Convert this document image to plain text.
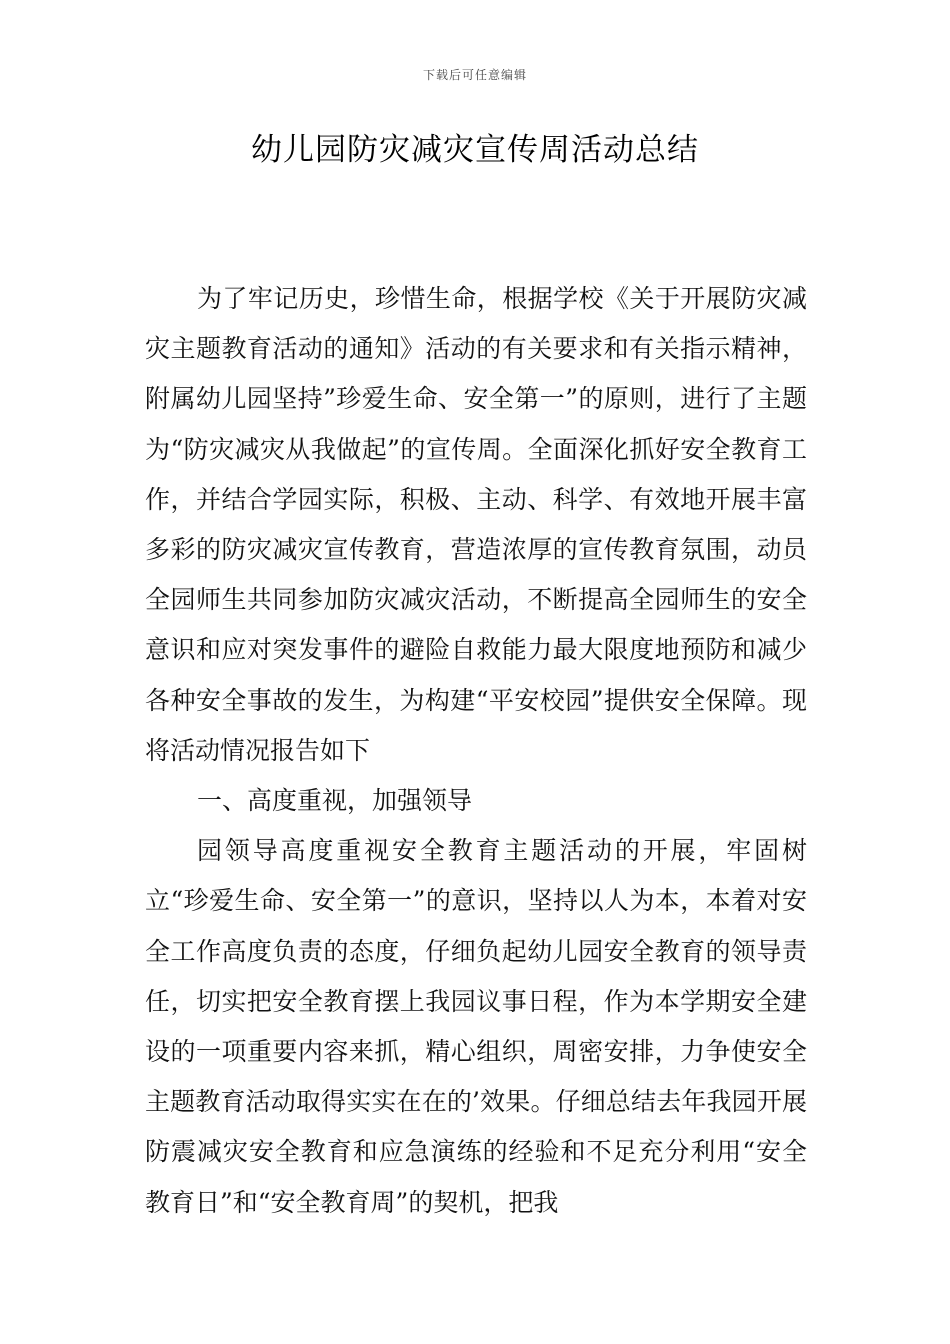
下载后可任意编辑
幼儿园防灾减灾宣传周活动总结

为了牢记历史，珍惜生命，根据学校《关于开展防灾减灾主题教育活动的通知》活动的有关要求和有关指示精神，附属幼儿园坚持”珍爱生命、安全第一”的原则，进行了主题为“防灾减灾从我做起”的宣传周。全面深化抓好安全教育工作，并结合学园实际，积极、主动、科学、有效地开展丰富多彩的防灾减灾宣传教育，营造浓厚的宣传教育氛围，动员全园师生共同参加防灾减灾活动，不断提高全园师生的安全意识和应对突发事件的避险自救能力最大限度地预防和减少各种安全事故的发生，为构建“平安校园”提供安全保障。现将活动情况报告如下

一、高度重视，加强领导

园领导高度重视安全教育主题活动的开展，牢固树立“珍爱生命、安全第一”的意识，坚持以人为本，本着对安全工作高度负责的态度，仔细负起幼儿园安全教育的领导责任，切实把安全教育摆上我园议事日程，作为本学期安全建设的一项重要内容来抓，精心组织，周密安排，力争使安全主题教育活动取得实实在在的’效果。仔细总结去年我园开展防震减灾安全教育和应急演练的经验和不足充分利用“安全教育日”和“安全教育周”的契机，把我
